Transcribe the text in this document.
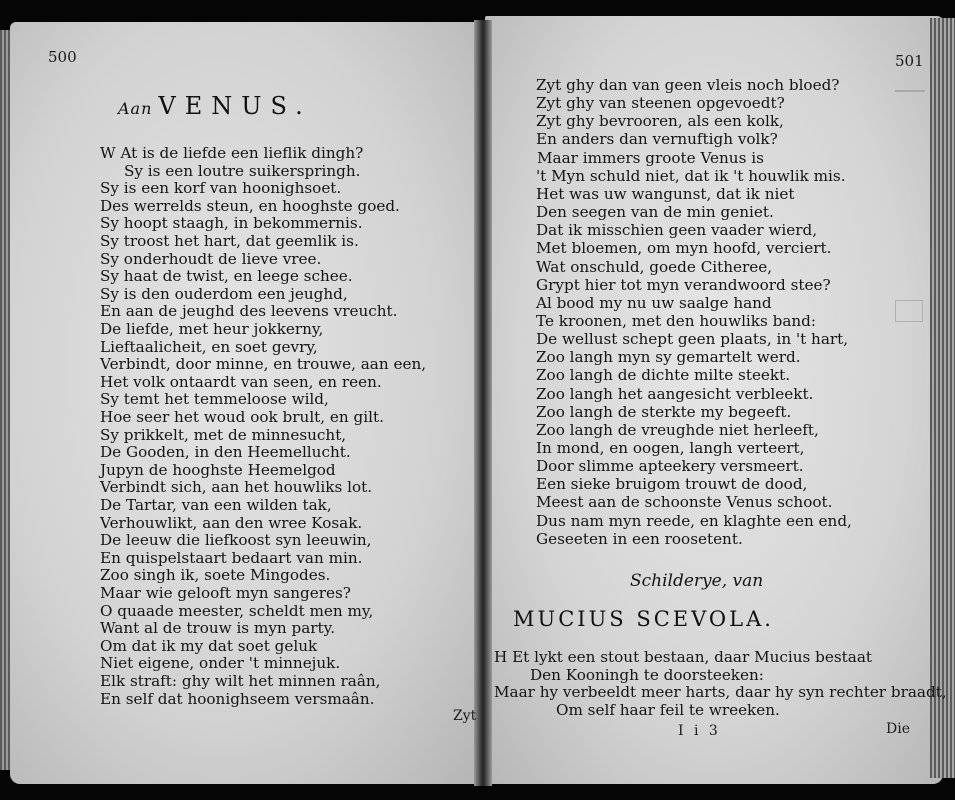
500
Aan VENUS.
W At is de liefde een lieflik dingh?
Sy is een loutre suikerspringh.
Sy is een korf van hoonighsoet.
Des werrelds steun, en hooghste goed.
Sy hoopt staagh, in bekommernis.
Sy troost het hart, dat geemlik is.
Sy onderhoudt de lieve vree.
Sy haat de twist, en leege schee.
Sy is den ouderdom een jeughd,
En aan de jeughd des leevens vreucht.
De liefde, met heur jokkerny,
Lieftaalicheit, en soet gevry,
Verbindt, door minne, en trouwe, aan een,
Het volk ontaardt van seen, en reen.
Sy temt het temmeloose wild,
Hoe seer het woud ook brult, en gilt.
Sy prikkelt, met de minnesucht,
De Gooden, in den Heemellucht.
Jupyn de hooghste Heemelgod
Verbindt sich, aan het houwliks lot.
De Tartar, van een wilden tak,
Verhouwlikt, aan den wree Kosak.
De leeuw die liefkoost syn leeuwin,
En quispelstaart bedaart van min.
Zoo singh ik, soete Mingodes.
Maar wie gelooft myn sangeres?
O quaade meester, scheldt men my,
Want al de trouw is myn party.
Om dat ik my dat soet geluk
Niet eigene, onder 't minnejuk.
Elk straft: ghy wilt het minnen raân,
En self dat hoonighseem versmaân.
Zyt
501
Zyt ghy dan van geen vleis noch bloed?
Zyt ghy van steenen opgevoedt?
Zyt ghy bevrooren, als een kolk,
En anders dan vernuftigh volk?
Maar immers groote Venus is
't Myn schuld niet, dat ik 't houwlik mis.
Het was uw wangunst, dat ik niet
Den seegen van de min geniet.
Dat ik misschien geen vaader wierd,
Met bloemen, om myn hoofd, verciert.
Wat onschuld, goede Citheree,
Grypt hier tot myn verandwoord stee?
Al bood my nu uw saalge hand
Te kroonen, met den houwliks band:
De wellust schept geen plaats, in 't hart,
Zoo langh myn sy gemartelt werd.
Zoo langh de dichte milte steekt.
Zoo langh het aangesicht verbleekt.
Zoo langh de sterkte my begeeft.
Zoo langh de vreughde niet herleeft,
In mond, en oogen, langh verteert,
Door slimme apteekery versmeert.
Een sieke bruigom trouwt de dood,
Meest aan de schoonste Venus schoot.
Dus nam myn reede, en klaghte een end,
Geseeten in een roosetent.
Schilderye, van
MUCIUS SCEVOLA.
H Et lykt een stout bestaan, daar Mucius bestaat
Den Kooningh te doorsteeken:
Maar hy verbeeldt meer harts, daar hy syn rechter braadt,
Om self haar feil te wreeken.
I i 3	Die
